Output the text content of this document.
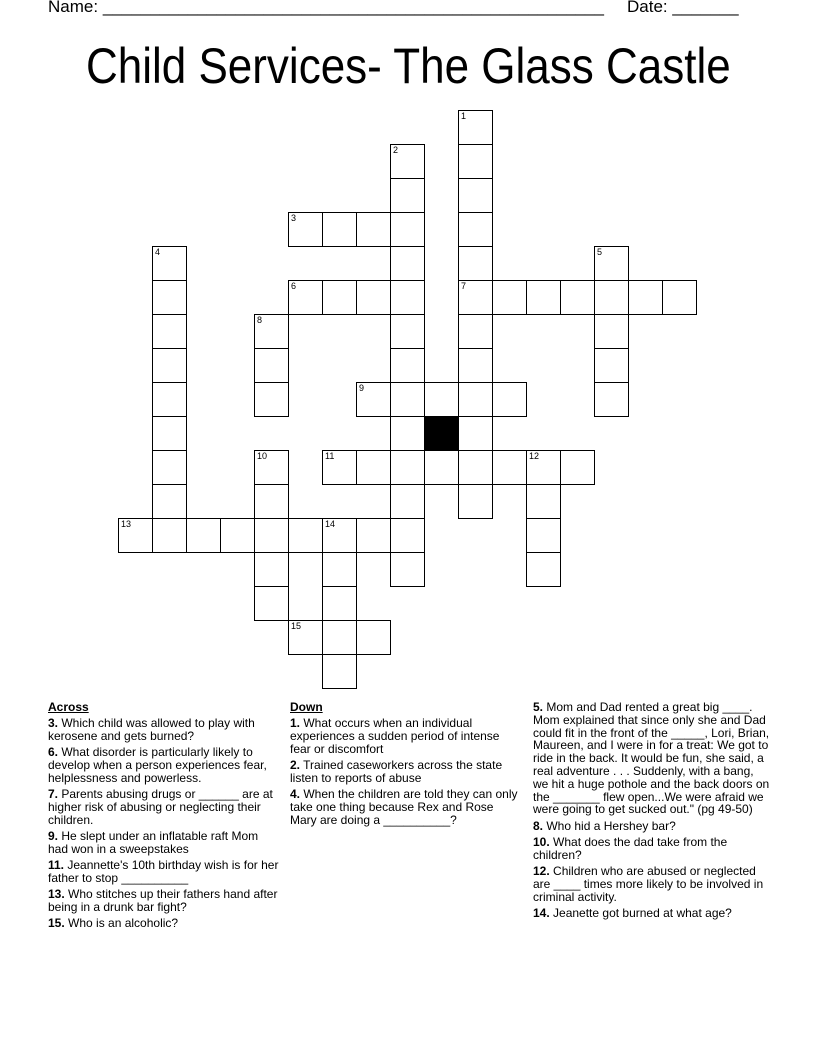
Name: _____________________________________________________ Date: _______
Child Services- The Glass Castle
1
2
3
4	5
6	7
8
9
10	11	12
13	14
15
Across
3. Which child was allowed to play with kerosene and gets burned?
6. What disorder is particularly likely to develop when a person experiences fear, helplessness and powerless.
7. Parents abusing drugs or ______ are at higher risk of abusing or neglecting their children.
9. He slept under an inflatable raft Mom had won in a sweepstakes
11. Jeannette's 10th birthday wish is for her father to stop __________
13. Who stitches up their fathers hand after being in a drunk bar fight?
15. Who is an alcoholic?
Down
1. What occurs when an individual experiences a sudden period of intense fear or discomfort
2. Trained caseworkers across the state listen to reports of abuse
4. When the children are told they can only take one thing because Rex and Rose Mary are doing a __________?
5. Mom and Dad rented a great big ____. Mom explained that since only she and Dad could fit in the front of the _____, Lori, Brian, Maureen, and I were in for a treat: We got to ride in the back. It would be fun, she said, a real adventure . . . Suddenly, with a bang, we hit a huge pothole and the back doors on the _______ flew open...We were afraid we were going to get sucked out." (pg 49-50)
8. Who hid a Hershey bar?
10. What does the dad take from the children?
12. Children who are abused or neglected are ____ times more likely to be involved in criminal activity.
14. Jeanette got burned at what age?
